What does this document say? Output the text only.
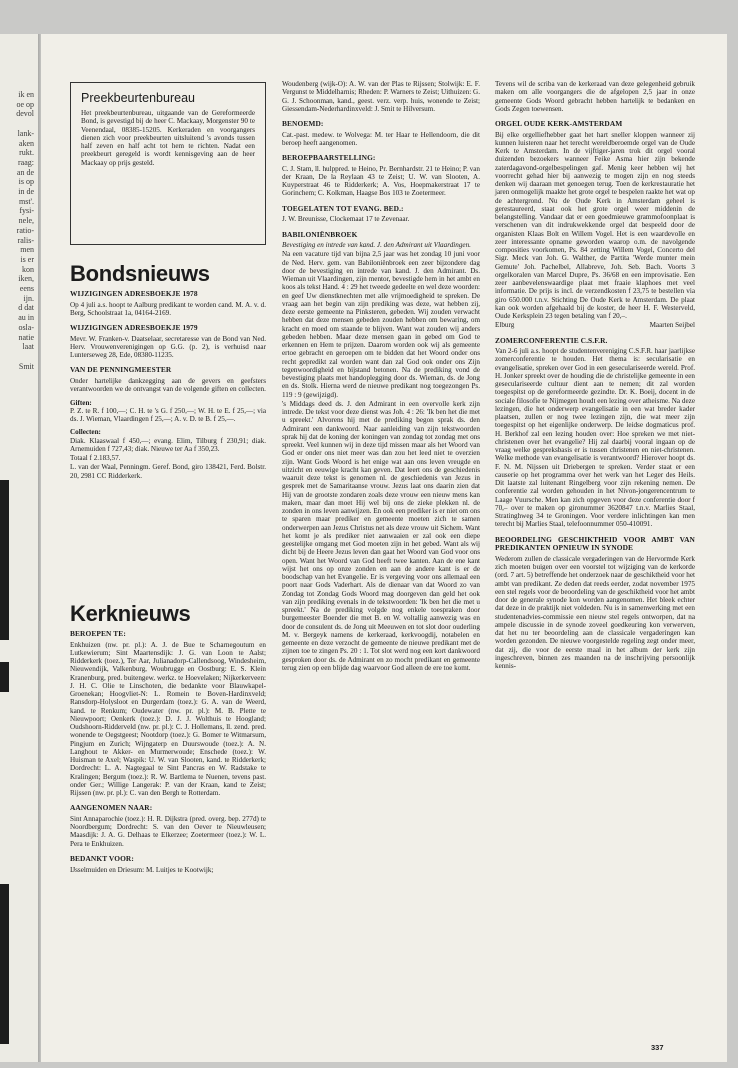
ik en
oe op
devol

lank-
aken
rukt.
raag:
an de
is op
in de
mst'.
fysi-
nele,
ratio-
ralis-
men
is er
kon
iken,
eens
ijn.
d dat
au in
osla-
natie
laat

Smit
Preekbeurtenbureau
Het preekbeurtenbureau, uitgaande van de Gereformeerde Bond, is gevestigd bij de heer C. Mackaay, Morgenster 90 te Veenendaal, 08385-15205. Kerkeraden en voorgangers dienen zich voor preekbeurten uitsluitend 's avonds tussen half zeven en half acht tot hem te richten. Nadat een preekbeurt geregeld is wordt kennisgeving aan de heer Mackaay op prijs gesteld.
Bondsnieuws
WIJZIGINGEN ADRESBOEKJE 1978
Op 4 juli a.s. hoopt te Aalburg predikant te worden cand. M. A. v. d. Berg, Schoolstraat 1a, 04164-2169.
WIJZIGINGEN ADRESBOEKJE 1979
Mevr. W. Franken-v. Daatselaar, secretaresse van de Bond van Ned. Herv. Vrouwenverenigingen op G.G. (p. 2), is verhuisd naar Lunterseweg 28, Ede, 08380-11235.
VAN DE PENNINGMEESTER
Onder hartelijke dankzegging aan de gevers en geefsters verantwoorden we de ontvangst van de volgende giften en collecten.
Giften:
P. Z. te R. f 100,—; C. H. te 's G. f 250,—; W. H. te E. f 25,—; via ds. J. Wieman, Vlaardingen f 25,—; A. v. D. te B. f 25,—.
Collecten:
Diak. Klaaswaal f 450,—; evang. Elim, Tilburg f 230,91; diak. Arnemuiden f 727,43; diak. Nieuwe ter Aa f 350,23.
Totaal f 2.183,57.
L. van der Waal, Penningm. Geref. Bond, giro 138421, Ferd. Bolstr. 20, 2981 CC Ridderkerk.
Kerknieuws
BEROEPEN TE:
Enkhuizen (nw. pr. pl.): A. J. de Bue te Scharnegoutum en Lutkewierum; Sint Maartensdijk: J. G. van Loon te Aalst; Ridderkerk (toez.), Ter Aar, Julianadorp-Callendsoog, Windesheim, Nieuwendijk, Valkenburg, Woubrugge en Oostburg: E. S. Klein Kranenburg, pred. buitengew. werkz. te Hoevelaken; Nijkerkerveen: J. H. C. Olie te Linschoten, die bedankte voor Blauwkapel-Groenekan; Hoogvliet-N: L. Romein te Boven-Hardinxveld; Ransdorp-Holysloot en Durgerdam (toez.): G. A. van de Weerd, kand. te Renkum; Oudewater (nw. pr. pl.): M. B. Plette te Nieuwpoort; Oenkerk (toez.): D. J. J. Wolthuis te Hoogland; Oudshoorn-Ridderveld (nw. pr. pl.): C. J. Hollemans, ll. zend. pred. wonende te Oegstgeest; Nootdorp (toez.): G. Bomer te Witmarsum, Pingjum en Zurich; Wijngaterp en Duurswoude (toez.): A. N. Langhout te Akker- en Murmerwoude; Enschede (toez.): W. Huisman te Axel; Waspik: U. W. van Slooten, kand. te Ridderkerk; Dordrecht: L. A. Nagtegaal te Sint Pancras en W. Radstake te Kralingen; Bergum (toez.): R. W. Bartlema te Nuenen, tevens past. onder Ger.; Willige Langerak: P. van der Kraan, kand te Zeist; Rijssen (nw. pr. pl.): C. van den Bergh te Rotterdam.
AANGENOMEN NAAR:
Sint Annaparochie (toez.): H. R. Dijkstra (pred. overg. bep. 277d) te Noordbergum; Dordrecht: S. van den Oever te Nieuwleusen; Maasdijk: J. A. G. Delhaas te Elkerzee; Zoetermeer (toez.): W. L. Pera te Enkhuizen.
BEDANKT VOOR:
IJsselmuiden en Driesum: M. Luitjes te Kootwijk;
Woudenberg (wijk-O): A. W. van der Plas te Rijssen; Stolwijk: E. F. Vergunst te Middelharnis; Rheden: P. Warners te Zeist; Uithuizen: G. G. J. Schoonman, kand., geest. verz. verp. huis, wonende te Zeist; Giessendam-Nederhardinxveld: J. Smit te Hilversum.
BENOEMD:
Cat.-past. medew. te Wolvega: M. ter Haar te Hellendoorn, die dit beroep heeft aangenomen.
BEROEPBAARSTELLING:
C. J. Stam, ll. hulppred. te Heino, Pr. Bernhardstr. 21 te Heino; P. van der Kraan, De la Reylaan 43 te Zeist; U. W. van Slooten, A. Kuyperstraat 46 te Ridderkerk; A. Vos, Hoepmakerstraat 17 te Gorinchem; C. Kolkman, Haagse Bos 103 te Zoetermeer.
TOEGELATEN TOT EVANG. BED.:
J. W. Breunisse, Clockemaat 17 te Zevenaar.
BABILONIËNBROEK
Bevestiging en intrede van kand. J. den Admirant uit Vlaardingen.
Na een vacature tijd van bijna 2,5 jaar was het zondag 10 juni voor de Ned. Herv. gem. van Babiloniënbroek een zeer bijzondere dag door de bevestiging en intrede van kand. J. den Admirant. Ds. Wieman uit Vlaardingen, zijn mentor, bevestigde hem in het ambt en koos als tekst Hand. 4 : 29 het tweede gedeelte en wel deze woorden: en geef Uw dienstknechten met alle vrijmoedigheid te spreken. De vraag aan het begin van zijn prediking was deze, wat hebben zij, deze eerste gemeente na Pinksteren, gebeden. Wij zouden verwacht hebben dat deze mensen gebeden zouden hebben om bewaring, om kracht en moed om staande te blijven. Want wat zouden wij anders gebeden hebben. Maar deze mensen gaan in gebed om God te erkennen en Hem te prijzen. Daarom worden ook wij als gemeente ertoe gebracht en geroepen om te bidden dat het Woord onder ons recht gepredikt zal worden want dan zal God ook onder ons Zijn tegenwoordigheid en bijstand betonen. Na de prediking vond de bevestiging plaats met handoplegging door ds. Wieman, ds. de Jong en ds. Stolk. Hierna werd de nieuwe predikant nog toegezongen Ps. 119 : 9 (gewijzigd).
's Middags deed ds. J. den Admirant in een overvolle kerk zijn intrede. De tekst voor deze dienst was Joh. 4 : 26: 'Ik ben het die met u spreekt.' Alvorens hij met de prediking begon sprak ds. den Admirant een dankwoord. Naar aanleiding van zijn tekstwoorden sprak hij dat de koning der koningen van zondag tot zondag met ons spreekt. Veel kunnen wij in deze tijd missen maar als het Woord van God er onder ons niet meer was dan zou het leed niet te overzien zijn. Want Gods Woord is het enige wat aan ons leven vreugde en uitzicht en eeuwige kracht kan geven. Dat leert ons de geschiedenis waaruit deze tekst is genomen nl. de geschiedenis van Jezus in gesprek met de Samaritaanse vrouw. Jezus laat ons daarin zien dat Hij van de grootste zondaren zoals deze vrouw een nieuw mens kan maken, maar dan moet Hij wel bij ons de zieke plekken nl. de zonden in ons leven aanwijzen. En ook een prediker is er niet om ons te sparen maar prediker en gemeente moeten zich te samen onderwerpen aan Jezus Christus net als deze vrouw uit Sichem. Want het komt je als prediker niet aanwaaien er zal ook een diepe geestelijke omgang met God moeten zijn in het gebed. Want als wij dicht bij de Heere Jezus leven dan gaat het Woord van God voor ons open. Want het Woord van God heeft twee kanten. Aan de ene kant wijst het ons op onze zonden en aan de andere kant is er de boodschap van het Evangelie. Er is vergeving voor ons allemaal een poort naar Gods Vaderhart. Als de dienaar van dat Woord zo van Zondag tot Zondag Gods Woord mag doorgeven dan geld het ook van zijn prediking evenals in de tekstwoorden: 'Ik ben het die met u spreekt.' Na de prediking volgde nog enkele toespraken door burgemeester Boender die met B. en W. voltallig aanwezig was en door de consulent ds. de Jong uit Meeuwen en tot slot door ouderling M. v. Bergeyk namens de kerkeraad, kerkvoogdij, notabelen en gemeente en deze verzocht de gemeente de nieuwe predikant met de zijnen toe te zingen Ps. 20 : 1. Tot slot werd nog een kort dankwoord gesproken door ds. de Admirant en zo mocht predikant en gemeente terug zien op een blijde dag waarvoor God alleen de ere toe komt.
Tevens wil de scriba van de kerkeraad van deze gelegenheid gebruik maken om alle voorgangers die de afgelopen 2,5 jaar in onze gemeente Gods Woord gebracht hebben hartelijk te bedanken en Gods Zegen toewensen.
ORGEL OUDE KERK-AMSTERDAM
Bij elke orgelliefhebber gaat het hart sneller kloppen wanneer zij kunnen luisteren naar het terecht wereldberoemde orgel van de Oude Kerk te Amsterdam. In de vijftiger-jaren trok dit orgel vooral duizenden bezoekers wanneer Feike Asma hier zijn bekende zaterdagavond-orgelbespelingen gaf. Menig keer hebben wij het voorrecht gehad hier bij aanwezig te mogen zijn en nog steeds denken wij daaraan met genoegen terug. Toen de kerkrestauratie het jaren onmogelijk maakte het grote orgel te bespelen raakte het wat op de achtergrond. Nu de Oude Kerk in Amsterdam geheel is gerestaureerd, staat ook het grote orgel weer middenin de belangstelling. Vandaar dat er een goedmieuwe grammofoonplaat is verschenen van dit indrukwekkende orgel dat bespeeld door de organisten Klaas Bolt en Willem Vogel. Het is een waardevolle en zeer interessante opname geworden waarop o.m. de navolgende composities voorkomen, Ps. 84 zetting Willem Vogel, Concerto del Sigr. Meck van Joh. G. Walther, de Partita 'Werde munter mein Gemute' Joh. Pachelbel, Allabreve, Joh. Seb. Bach. Voorts 3 orgelkoralen van Marcel Dupre, Ps. 36/68 en een improvisatie. Een zeer aanbevelenswaardige plaat met fraaie klaphoes met veel informatie. De prijs is incl. de verzendkosten f 23,75 te bestellen via giro 650.000 t.n.v. Stichting De Oude Kerk te Amsterdam. De plaat kan ook worden afgehaald bij de koster, de heer H. F. Westerveld, Oude Kerksplein 23 tegen betaling van f 20,–.
Elburg	Maarten Seijbel
ZOMERCONFERENTIE C.S.F.R.
Van 2-6 juli a.s. hoopt de studentenvereniging C.S.F.R. haar jaarlijkse zomerconferentie te houden. Het thema is: secularisatie en evangelisatie, spreken over God in een geseculariseerde wereld. Prof. H. Jonker spreekt over de houding die de christelijke gemeente in een geseculariseerde cultuur dient aan te nemen; dit zal worden toegespitst op de gereformeerde gezindte. Dr. K. Boeij, docent in de sociale filosofie te Nijmegen houdt een lezing over atheisme. Na deze lezingen, die het onderwerp evangelisatie in een wat breder kader plaatsen, zullen er nog twee lezingen zijn, die wat meer zijn toegespitst op het eigenlijke onderwerp. De leidse dogmaticus prof. H. Berkhof zal een lezing houden over: Hoe spreken we met niet-christenen over het evangelie? Hij zal daarbij vooral ingaan op de vraag welke gespreksbasis er is tussen christenen en niet-christenen. Welke methode van evangelisatie is verantwoord? Hierover hoopt ds. F. N. M. Nijssen uit Driebergen te spreken. Verder staat er een causerie op het programma over het werk van het Leger des Heils. Dit laatste zal luitenant Ringelberg voor zijn rekening nemen. De conferentie zal worden gehouden in het Nivon-jongerencentrum te Laage Vuursche. Men kan zich opgeven voor deze conferentie door f 70,– over te maken op gironummer 3620847 t.n.v. Marlies Staal, Stratinghweg 34 te Groningen. Voor verdere inlichtingen kan men terecht bij Marlies Staal, telefoonnummer 050-410091.
BEOORDELING GESCHIKTHEID VOOR AMBT VAN PREDIKANTEN OPNIEUW IN SYNODE
Wederom zullen de classicale vergaderingen van de Hervormde Kerk zich moeten buigen over een voorstel tot wijziging van de kerkorde (ord. 7 art. 5) betreffende het onderzoek naar de geschiktheid voor het ambt van predikant. Ze deden dat reeds eerder, zodat november 1975 een stel regels voor de beoordeling van de geschiktheid voor het ambt door de generale synode kon worden aangenomen. Het bleek echter dat deze in de praktijk niet voldeden. Nu is in samenwerking met een studentenadvies-commissie een nieuw stel regels ontworpen, dat na ampele discussie in de synode zoveel goedkeuring kon verwerven, dat het nu ter beoordeling aan de classicale vergaderingen kan worden gezonden. De nieuwe voorgestelde regeling zegt onder meer, dat zij, die voor de eerste maal in het album der kerk zijn ingeschreven, binnen zes maanden na de inschrijving persoonlijk kennis-
337
